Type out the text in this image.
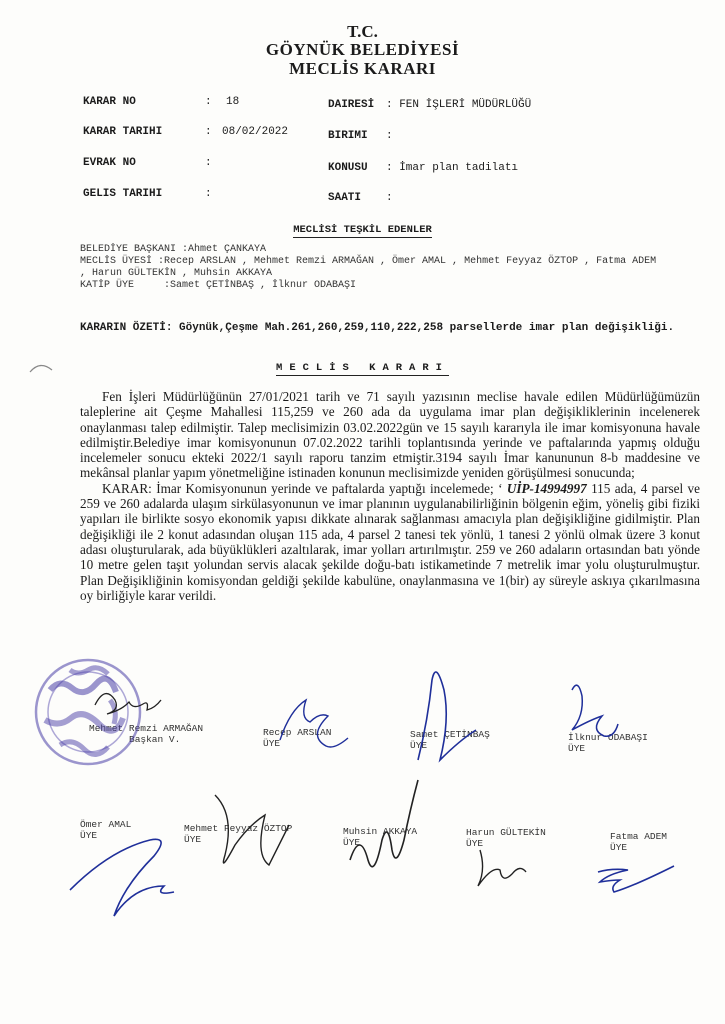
T.C.
GÖYNÜK BELEDİYESİ
MECLİS KARARI
KARAR NO	: 18
KARAR TARIHI	: 08/02/2022
EVRAK NO	:
GELIS TARIHI	:
DAIRESİ : FEN İŞLERİ MÜDÜRLÜĞÜ
BIRIMI :
KONUSU : İmar plan tadilatı
SAATI :
MECLİSİ TEŞKİL EDENLER
BELEDİYE BAŞKANI :Ahmet ÇANKAYA
MECLİS ÜYESİ :Recep ARSLAN , Mehmet Remzi ARMAĞAN , Ömer AMAL , Mehmet Feyyaz ÖZTOP , Fatma ADEM
, Harun GÜLTEKİN , Muhsin AKKAYA
KATİP ÜYE     :Samet ÇETİNBAŞ , İlknur ODABAŞI
KARARIN ÖZETİ: Göynük,Çeşme Mah.261,260,259,110,222,258 parsellerde imar plan değişikliği.
MECLİS KARARI

Fen İşleri Müdürlüğünün 27/01/2021 tarih ve 71 sayılı yazısının meclise havale edilen Müdürlüğümüzün taleplerine ait Çeşme Mahallesi 115,259 ve 260 ada da uygulama imar plan değişikliklerinin incelenerek onaylanması talep edilmiştir. Talep meclisimizin 03.02.2022gün ve 15 sayılı kararıyla ile imar komisyonuna havale edilmiştir.Belediye imar komisyonunun 07.02.2022 tarihli toplantısında yerinde ve paftalarında yapmış olduğu incelemeler sonucu ekteki 2022/1 sayılı raporu tanzim etmiştir.3194 sayılı İmar kanununun 8-b maddesine ve mekânsal planlar yapım yönetmeliğine istinaden konunun meclisimizde yeniden görüşülmesi sonucunda;

KARAR: İmar Komisyonunun yerinde ve paftalarda yaptığı incelemede; ‘ UİP-14994997 115 ada, 4 parsel ve 259 ve 260 adalarda ulaşım sirkülasyonunun ve imar planının uygulanabilirliğinin bölgenin eğim, yöneliş gibi fiziki yapıları ile birlikte sosyo ekonomik yapısı dikkate alınarak sağlanması amacıyla plan değişikliğine gidilmiştir. Plan değişikliği ile 2 konut adasından oluşan 115 ada, 4 parsel 2 tanesi tek yönlü, 1 tanesi 2 yönlü olmak üzere 3 konut adası oluşturularak, ada büyüklükleri azaltılarak, imar yolları artırılmıştır. 259 ve 260 adaların ortasından batı yönde 10 metre gelen taşıt yolundan servis alacak şekilde doğu-batı istikametinde 7 metrelik imar yolu oluşturulmuştur. Plan Değişikliğinin komisyondan geldiği şekilde kabulüne, onaylanmasına ve 1(bir) ay süreyle askıya çıkarılmasına oy birliğiyle karar verildi.

Mehmet Remzi ARMAĞAN
Başkan V.
Recep ARSLAN
ÜYE
Samet ÇETİNBAŞ
ÜYE
İlknur ODABAŞI
ÜYE
Ömer AMAL
ÜYE
Mehmet Feyyaz ÖZTOP
ÜYE
Muhsin AKKAYA
ÜYE
Harun GÜLTEKİN
ÜYE
Fatma ADEM
ÜYE
